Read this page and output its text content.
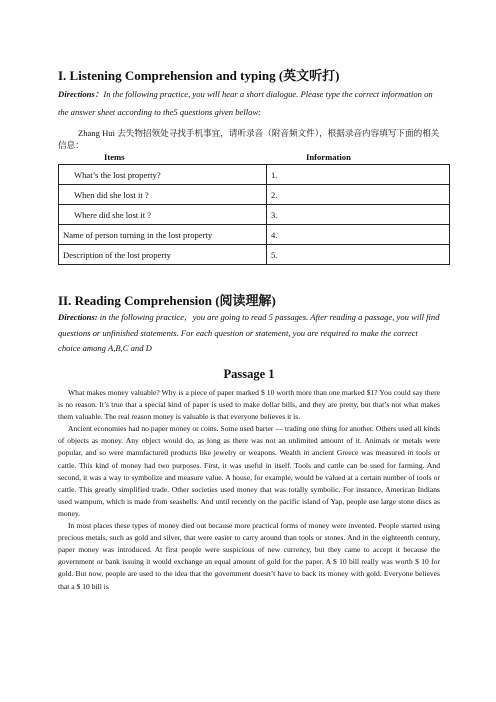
I. Listening Comprehension and typing (英文听打)
Directions：In the following practice, you will hear a short dialogue. Please type the correct information on the answer sheet according to the5 questions given bellow:
Zhang Hui 去失物招领处寻找手机事宜，请听录音（附音频文件），根据录音内容填写下面的相关信息：
Items	Information
What’s the lost property?	1.
When did she lost it ?	2.
Where did she lost it ?	3.
Name of person turning in the lost property	4.
Description of the lost property	5.
II. Reading Comprehension (阅读理解)
Directions: in the following practice，you are going to read 5 passages. After reading a passage, you will find questions or unfinished statements. For each question or statement, you are required to make the correct choice among A,B,C and D
Passage 1

What makes money valuable? Why is a piece of paper marked $ 10 worth more than one marked $1? You could say there is no reason. It’s true that a special kind of paper is used to make dollar bills, and they are pretty, but that’s not what makes them valuable. The real reason money is valuable is that everyone believes it is.

Ancient economies had no paper money or coins. Some used barter — trading one thing for another. Others used all kinds of objects as money. Any object would do, as long as there was not an unlimited amount of it. Animals or metals were popular, and so were manufactured products like jewelry or weapons. Wealth in ancient Greece was measured in tools or cattle. This kind of money had two purposes. First, it was useful in itself. Tools and cattle can be used for farming. And second, it was a way to symbolize and measure value. A house, for example, would be valued at a certain number of tools or cattle. This greatly simplified trade. Other societies used money that was totally symbolic. For instance, American Indians used wampum, which is made from seashells. And until recently on the pacific island of Yap, people use large stone discs as money.

In most places these types of money died out because more practical forms of money were invented. People started using precious metals, such as gold and silver, that were easier to carry around than tools or stones. And in the eighteenth century, paper money was introduced. At first people were suspicious of new currency, but they came to accept it because the government or bank issuing it would exchange an equal amount of gold for the paper. A $ 10 bill really was worth $ 10 for gold. But now, people are used to the idea that the government doesn’t have to back its money with gold. Everyone believes that a $ 10 bill is
